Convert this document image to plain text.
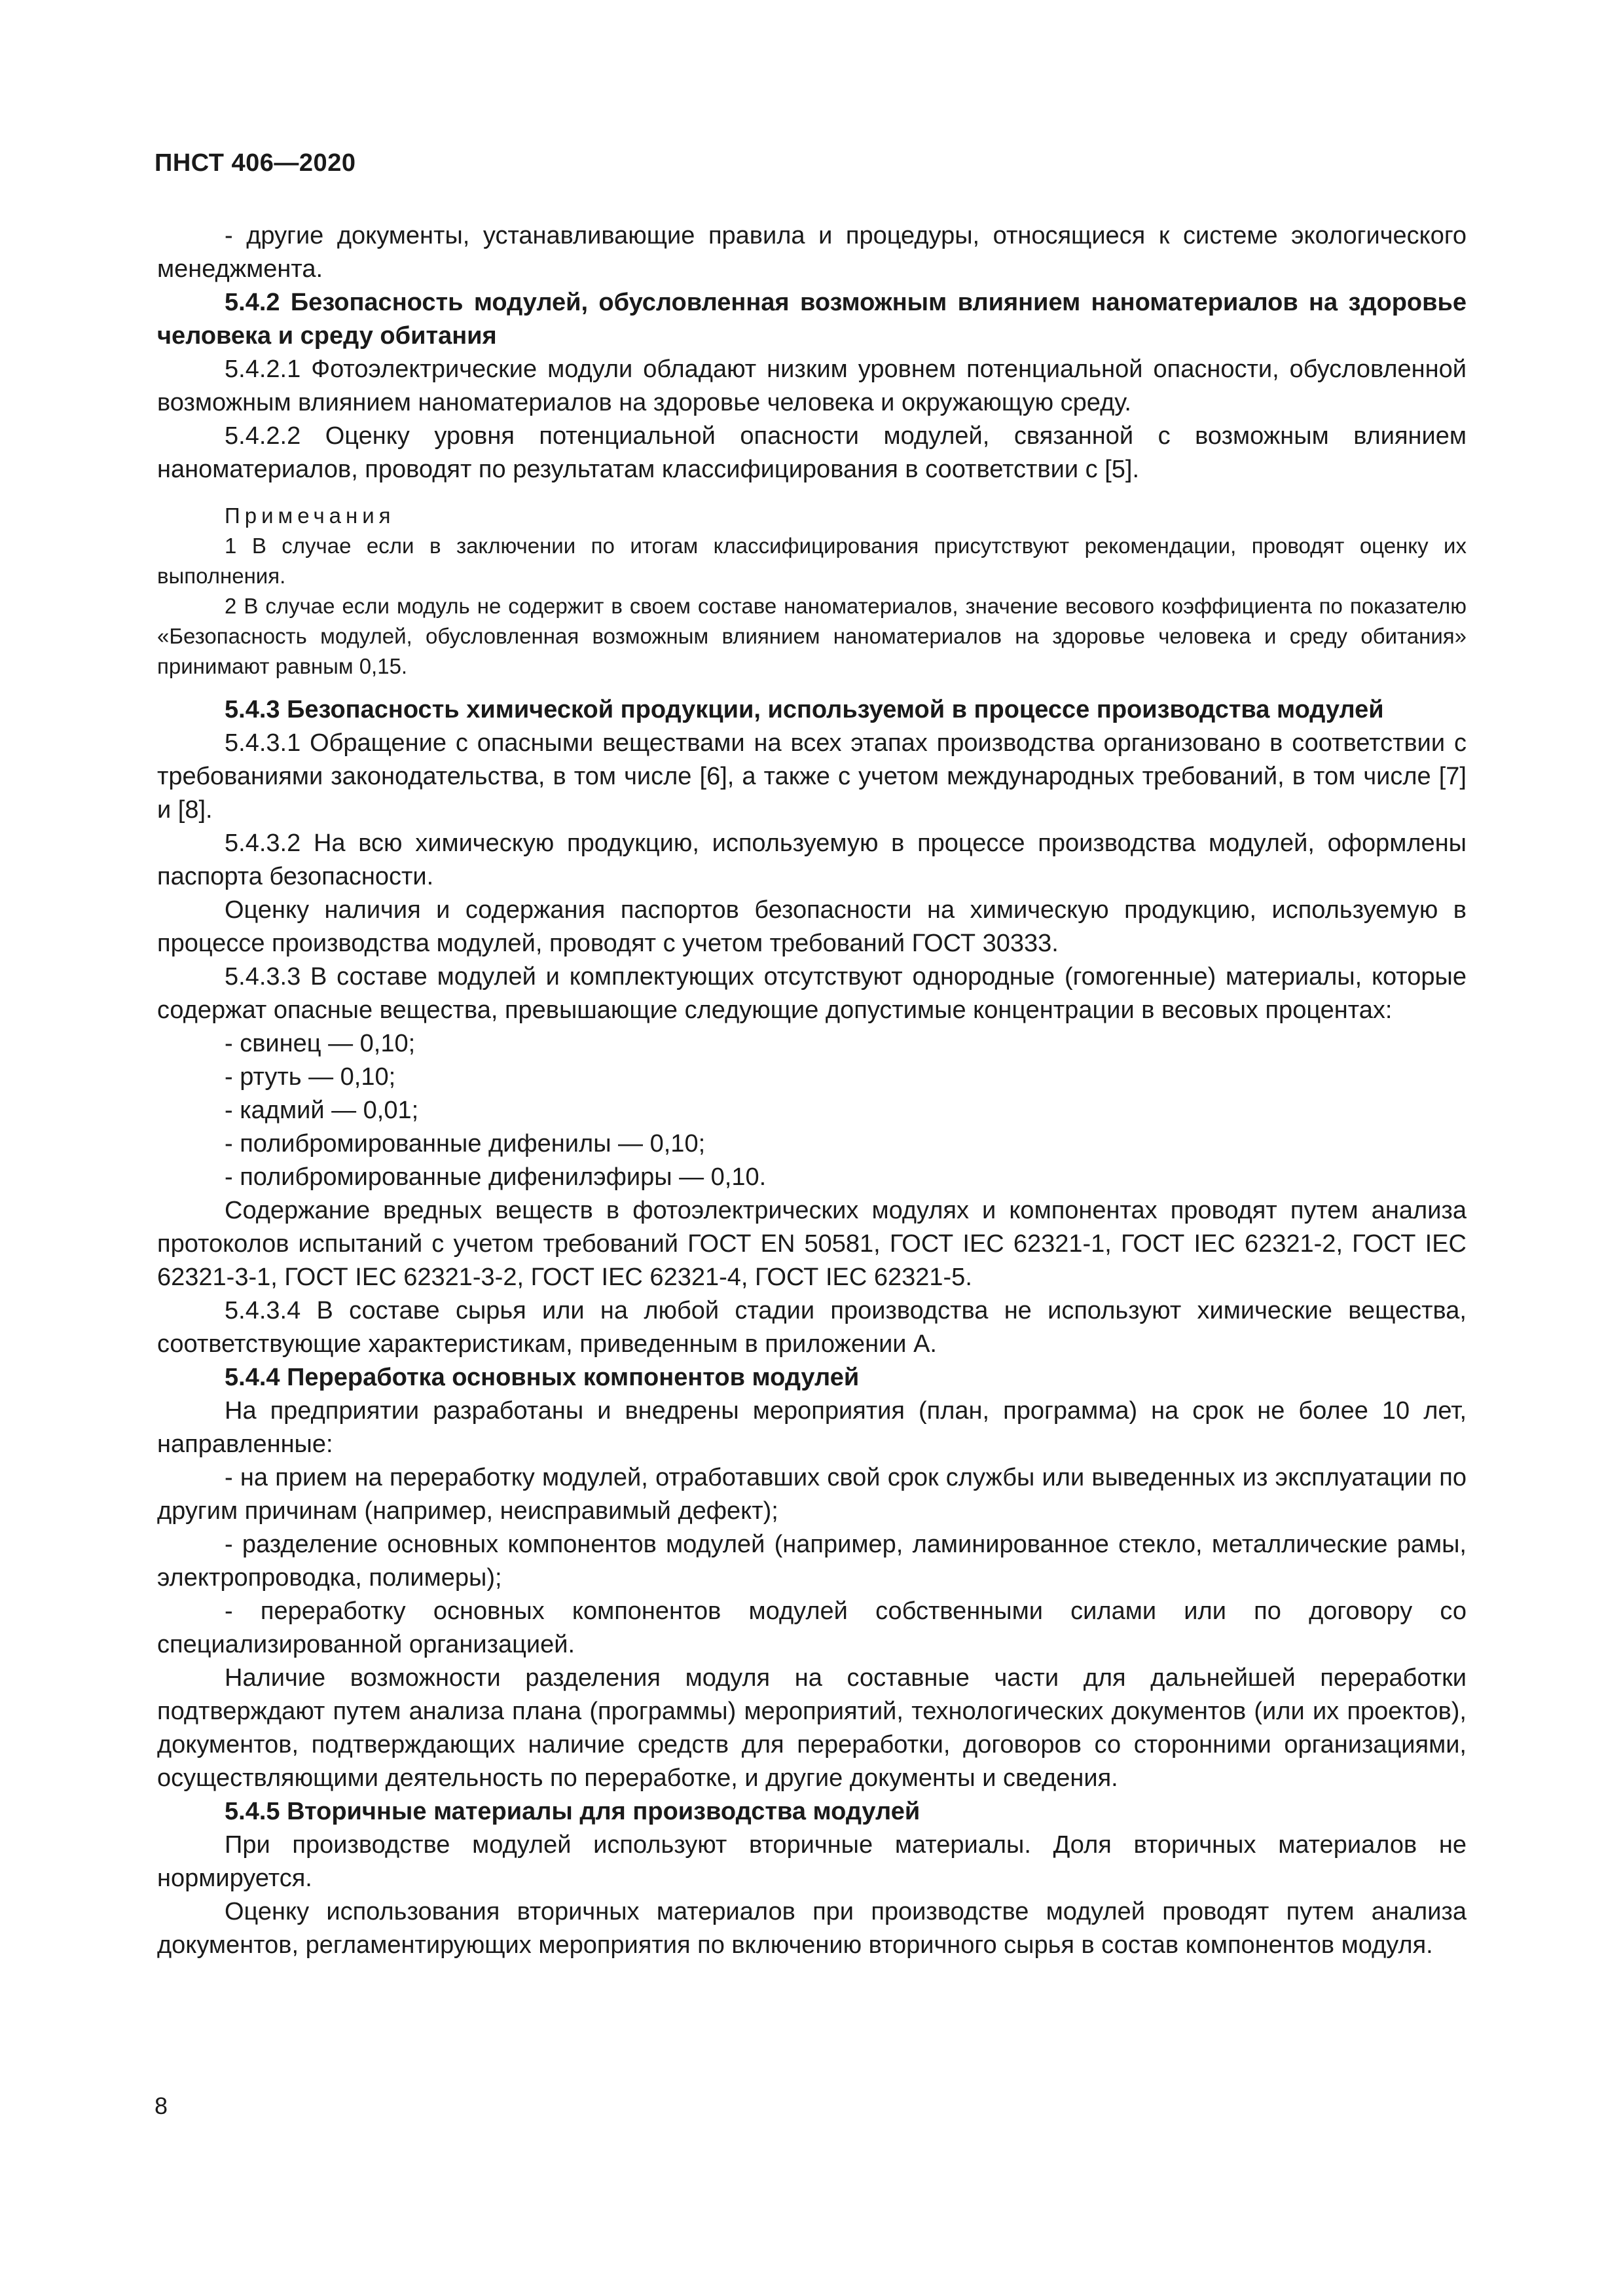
ПНСТ 406—2020

- другие документы, устанавливающие правила и процедуры, относящиеся к системе экологического менеджмента.

5.4.2 Безопасность модулей, обусловленная возможным влиянием наноматериалов на здоровье человека и среду обитания

5.4.2.1 Фотоэлектрические модули обладают низким уровнем потенциальной опасности, обусловленной возможным влиянием наноматериалов на здоровье человека и окружающую среду.

5.4.2.2 Оценку уровня потенциальной опасности модулей, связанной с возможным влиянием наноматериалов, проводят по результатам классифицирования в соответствии с [5].

Примечания

1 В случае если в заключении по итогам классифицирования присутствуют рекомендации, проводят оценку их выполнения.

2 В случае если модуль не содержит в своем составе наноматериалов, значение весового коэффициента по показателю «Безопасность модулей, обусловленная возможным влиянием наноматериалов на здоровье человека и среду обитания» принимают равным 0,15.

5.4.3 Безопасность химической продукции, используемой в процессе производства модулей

5.4.3.1 Обращение с опасными веществами на всех этапах производства организовано в соответствии с требованиями законодательства, в том числе [6], а также с учетом международных требований, в том числе [7] и [8].

5.4.3.2 На всю химическую продукцию, используемую в процессе производства модулей, оформлены паспорта безопасности.

Оценку наличия и содержания паспортов безопасности на химическую продукцию, используемую в процессе производства модулей, проводят с учетом требований ГОСТ 30333.

5.4.3.3 В составе модулей и комплектующих отсутствуют однородные (гомогенные) материалы, которые содержат опасные вещества, превышающие следующие допустимые концентрации в весовых процентах:

- свинец — 0,10;

- ртуть — 0,10;

- кадмий — 0,01;

- полибромированные дифенилы — 0,10;

- полибромированные дифенилэфиры — 0,10.

Содержание вредных веществ в фотоэлектрических модулях и компонентах проводят путем анализа протоколов испытаний с учетом требований ГОСТ EN 50581, ГОСТ IEC 62321-1, ГОСТ IEC 62321-2, ГОСТ IEC 62321-3-1, ГОСТ IEC 62321-3-2, ГОСТ IEC 62321-4, ГОСТ IEC 62321-5.

5.4.3.4 В составе сырья или на любой стадии производства не используют химические вещества, соответствующие характеристикам, приведенным в приложении А.

5.4.4 Переработка основных компонентов модулей

На предприятии разработаны и внедрены мероприятия (план, программа) на срок не более 10 лет, направленные:

- на прием на переработку модулей, отработавших свой срок службы или выведенных из эксплуатации по другим причинам (например, неисправимый дефект);

- разделение основных компонентов модулей (например, ламинированное стекло, металлические рамы, электропроводка, полимеры);

- переработку основных компонентов модулей собственными силами или по договору со специализированной организацией.

Наличие возможности разделения модуля на составные части для дальнейшей переработки подтверждают путем анализа плана (программы) мероприятий, технологических документов (или их проектов), документов, подтверждающих наличие средств для переработки, договоров со сторонними организациями, осуществляющими деятельность по переработке, и другие документы и сведения.

5.4.5 Вторичные материалы для производства модулей

При производстве модулей используют вторичные материалы. Доля вторичных материалов не нормируется.

Оценку использования вторичных материалов при производстве модулей проводят путем анализа документов, регламентирующих мероприятия по включению вторичного сырья в состав компонентов модуля.

8
